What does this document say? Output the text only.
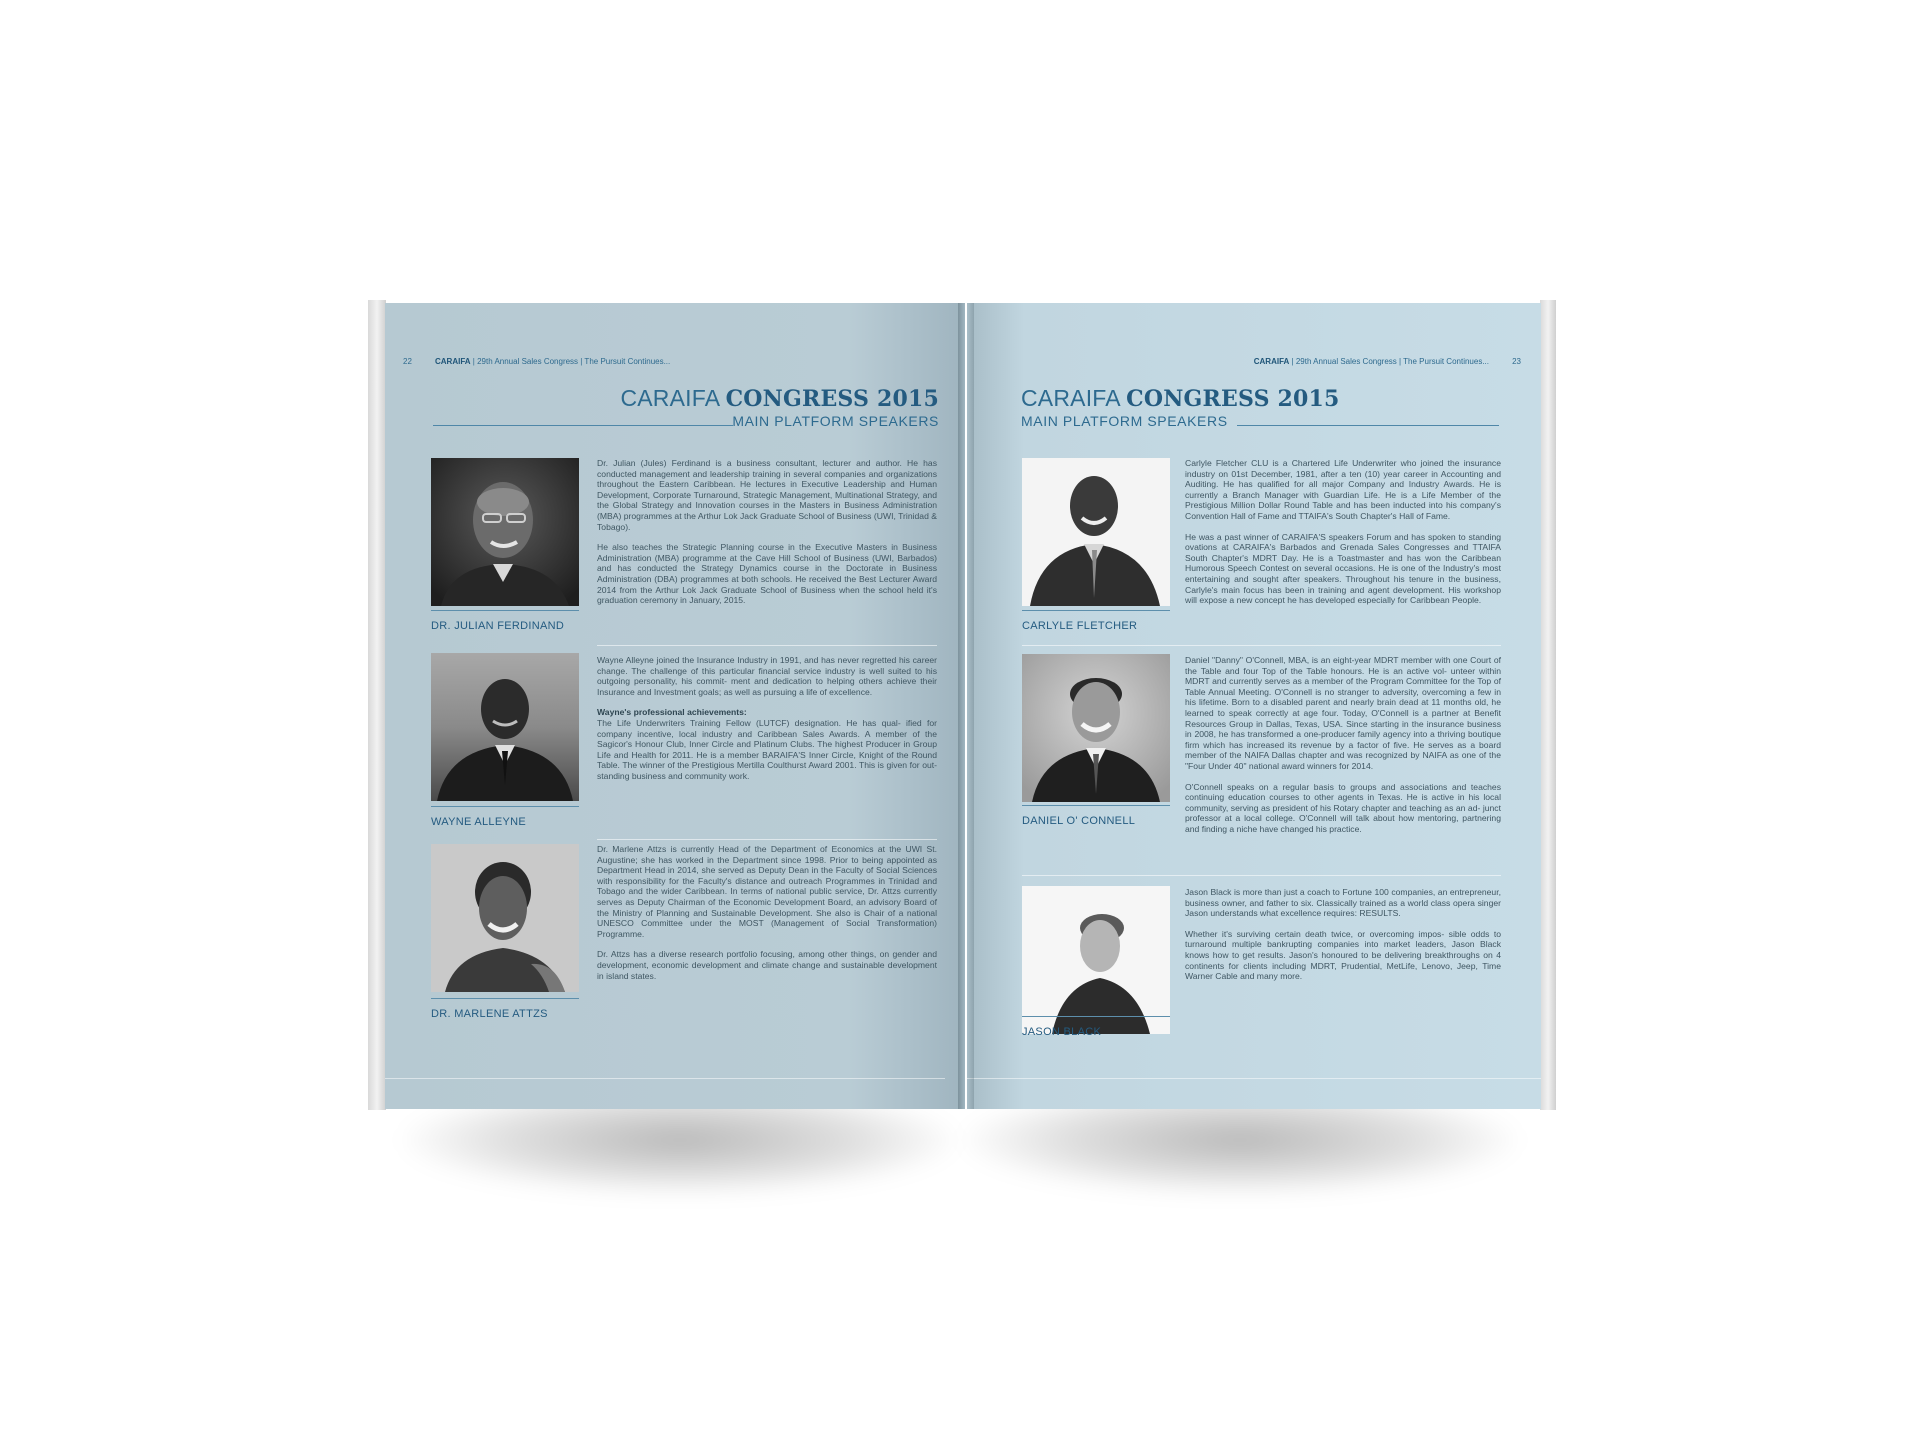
22	CARAIFA | 29th Annual Sales Congress | The Pursuit Continues...
CARAIFA CONGRESS 2015
MAIN PLATFORM SPEAKERS
DR. JULIAN FERDINAND

Dr. Julian (Jules) Ferdinand is a business consultant, lecturer and author. He has conducted management and leadership training in several companies and organizations throughout the Eastern Caribbean. He lectures in Executive Leadership and Human Development, Corporate Turnaround, Strategic Management, Multinational Strategy, and the Global Strategy and Innovation courses in the Masters in Business Administration (MBA) programmes at the Arthur Lok Jack Graduate School of Business (UWI, Trinidad & Tobago).

He also teaches the Strategic Planning course in the Executive Masters in Business Administration (MBA) programme at the Cave Hill School of Business (UWI, Barbados) and has conducted the Strategy Dynamics course in the Doctorate in Business Administration (DBA) programmes at both schools. He received the Best Lecturer Award 2014 from the Arthur Lok Jack Graduate School of Business when the school held it's graduation ceremony in January, 2015.

WAYNE ALLEYNE

Wayne Alleyne joined the Insurance Industry in 1991, and has never regretted his career change. The challenge of this particular financial service industry is well suited to his outgoing personality, his commit- ment and dedication to helping others achieve their Insurance and Investment goals; as well as pursuing a life of excellence.

Wayne's professional achievements:

The Life Underwriters Training Fellow (LUTCF) designation. He has qual- ified for company incentive, local industry and Caribbean Sales Awards. A member of the Sagicor's Honour Club, Inner Circle and Platinum Clubs. The highest Producer in Group Life and Health for 2011. He is a member BARAIFA'S Inner Circle, Knight of the Round Table. The winner of the Prestigious Mertilla Coulthurst Award 2001. This is given for out- standing business and community work.

DR. MARLENE ATTZS

Dr. Marlene Attzs is currently Head of the Department of Economics at the UWI St. Augustine; she has worked in the Department since 1998. Prior to being appointed as Department Head in 2014, she served as Deputy Dean in the Faculty of Social Sciences with responsibility for the Faculty's distance and outreach Programmes in Trinidad and Tobago and the wider Caribbean. In terms of national public service, Dr. Attzs currently serves as Deputy Chairman of the Economic Development Board, an advisory Board of the Ministry of Planning and Sustainable Development. She also is Chair of a national UNESCO Committee under the MOST (Management of Social Transformation) Programme.

Dr. Attzs has a diverse research portfolio focusing, among other things, on gender and development, economic development and climate change and sustainable development in island states.

CARAIFA | 29th Annual Sales Congress | The Pursuit Continues...	23
CARAIFA CONGRESS 2015
MAIN PLATFORM SPEAKERS
CARLYLE FLETCHER

Carlyle Fletcher CLU is a Chartered Life Underwriter who joined the insurance industry on 01st December, 1981, after a ten (10) year career in Accounting and Auditing. He has qualified for all major Company and Industry Awards. He is currently a Branch Manager with Guardian Life. He is a Life Member of the Prestigious Million Dollar Round Table and has been inducted into his company's Convention Hall of Fame and TTAIFA's South Chapter's Hall of Fame.

He was a past winner of CARAIFA'S speakers Forum and has spoken to standing ovations at CARAIFA's Barbados and Grenada Sales Congresses and TTAIFA South Chapter's MDRT Day. He is a Toastmaster and has won the Caribbean Humorous Speech Contest on several occasions. He is one of the Industry's most entertaining and sought after speakers. Throughout his tenure in the business, Carlyle's main focus has been in training and agent development. His workshop will expose a new concept he has developed especially for Caribbean People.

DANIEL O' CONNELL

Daniel "Danny" O'Connell, MBA, is an eight-year MDRT member with one Court of the Table and four Top of the Table honours. He is an active vol- unteer within MDRT and currently serves as a member of the Program Committee for the Top of Table Annual Meeting. O'Connell is no stranger to adversity, overcoming a few in his lifetime. Born to a disabled parent and nearly brain dead at 11 months old, he learned to speak correctly at age four. Today, O'Connell is a partner at Benefit Resources Group in Dallas, Texas, USA. Since starting in the insurance business in 2008, he has transformed a one-producer family agency into a thriving boutique firm which has increased its revenue by a factor of five. He serves as a board member of the NAIFA Dallas chapter and was recognized by NAIFA as one of the "Four Under 40" national award winners for 2014.

O'Connell speaks on a regular basis to groups and associations and teaches continuing education courses to other agents in Texas. He is active in his local community, serving as president of his Rotary chapter and teaching as an ad- junct professor at a local college. O'Connell will talk about how mentoring, partnering and finding a niche have changed his practice.

JASON BLACK

Jason Black is more than just a coach to Fortune 100 companies, an entrepreneur, business owner, and father to six. Classically trained as a world class opera singer Jason understands what excellence requires: RESULTS.

Whether it's surviving certain death twice, or overcoming impos- sible odds to turnaround multiple bankrupting companies into market leaders, Jason Black knows how to get results. Jason's honoured to be delivering breakthroughs on 4 continents for clients including MDRT, Prudential, MetLife, Lenovo, Jeep, Time Warner Cable and many more.
